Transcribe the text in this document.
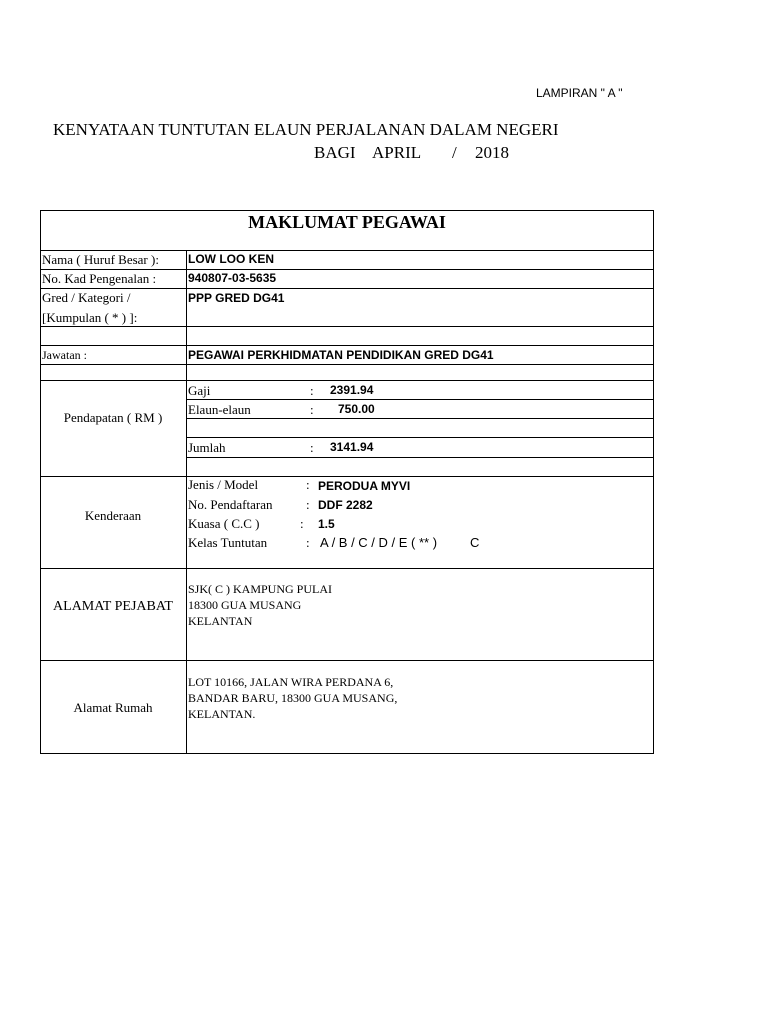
LAMPIRAN " A "
KENYATAAN TUNTUTAN ELAUN PERJALANAN DALAM NEGERI
BAGI APRIL / 2018
MAKLUMAT PEGAWAI
Nama ( Huruf Besar ): LOW LOO KEN
No. Kad Pengenalan :	940807-03-5635
Gred / Kategori /
[Kumpulan ( * ) ]:
PPP GRED DG41
Jawatan :	PEGAWAI PERKHIDMATAN PENDIDIKAN GRED DG41
Pendapatan ( RM )
Gaji	: 2391.94
Elaun-elaun	: 750.00
Jumlah	: 3141.94
Kenderaan
Jenis / Model	: PERODUA MYVI
No. Pendaftaran	: DDF 2282
Kuasa ( C.C )	: 1.5
Kelas Tuntutan	: A / B / C / D / E ( ** )	C
ALAMAT PEJABAT
SJK( C ) KAMPUNG PULAI
18300 GUA MUSANG
KELANTAN
Alamat Rumah
LOT 10166, JALAN WIRA PERDANA 6,
BANDAR BARU, 18300 GUA MUSANG,
KELANTAN.
